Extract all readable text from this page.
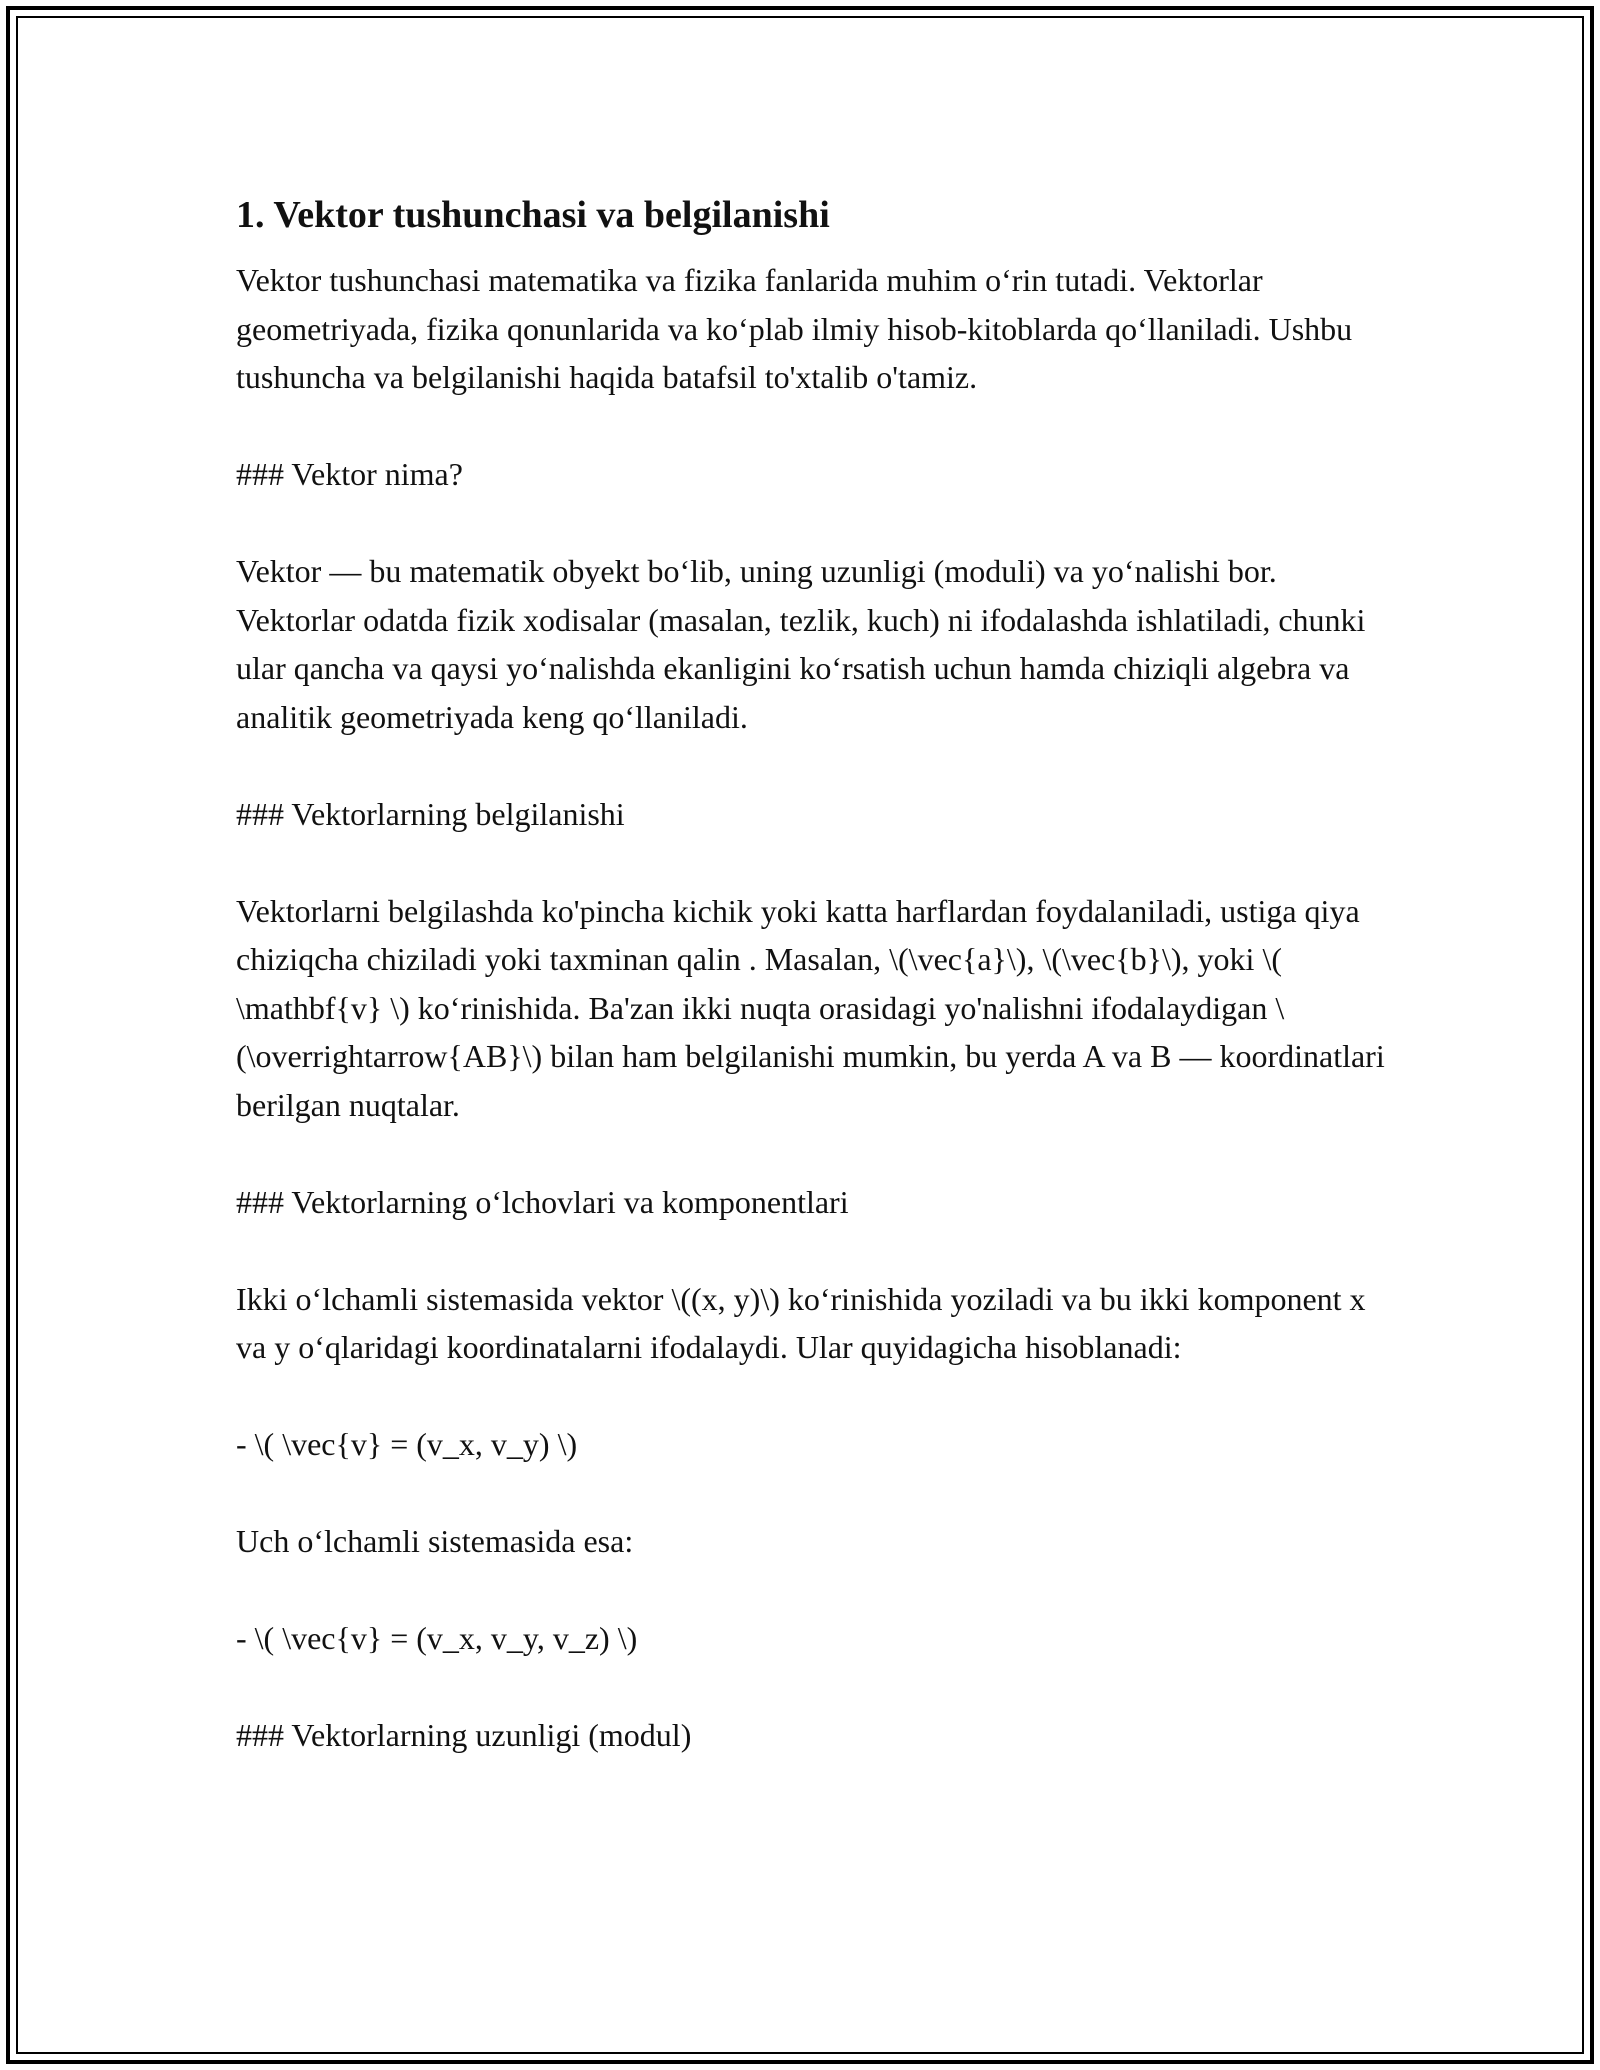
1. Vektor tushunchasi va belgilanishi

Vektor tushunchasi matematika va fizika fanlarida muhim o‘rin tutadi. Vektorlar geometriyada, fizika qonunlarida va ko‘plab ilmiy hisob-kitoblarda qo‘llaniladi. Ushbu tushuncha va belgilanishi haqida batafsil to'xtalib o'tamiz.

### Vektor nima?

Vektor — bu matematik obyekt bo‘lib, uning uzunligi (moduli) va yo‘nalishi bor. Vektorlar odatda fizik xodisalar (masalan, tezlik, kuch) ni ifodalashda ishlatiladi, chunki ular qancha va qaysi yo‘nalishda ekanligini ko‘rsatish uchun hamda chiziqli algebra va analitik geometriyada keng qo‘llaniladi.

### Vektorlarning belgilanishi

Vektorlarni belgilashda ko'pincha kichik yoki katta harflardan foydalaniladi, ustiga qiya chiziqcha chiziladi yoki taxminan qalin . Masalan, \(\vec{a}\), \(\vec{b}\), yoki \( \mathbf{v} \) ko‘rinishida. Ba'zan ikki nuqta orasidagi yo'nalishni ifodalaydigan \(\overrightarrow{AB}\) bilan ham belgilanishi mumkin, bu yerda A va B — koordinatlari berilgan nuqtalar.

### Vektorlarning o‘lchovlari va komponentlari

Ikki o‘lchamli sistemasida vektor \((x, y)\) ko‘rinishida yoziladi va bu ikki komponent x va y o‘qlaridagi koordinatalarni ifodalaydi. Ular quyidagicha hisoblanadi:

- \( \vec{v} = (v_x, v_y) \)

Uch o‘lchamli sistemasida esa:

- \( \vec{v} = (v_x, v_y, v_z) \)

### Vektorlarning uzunligi (modul)
